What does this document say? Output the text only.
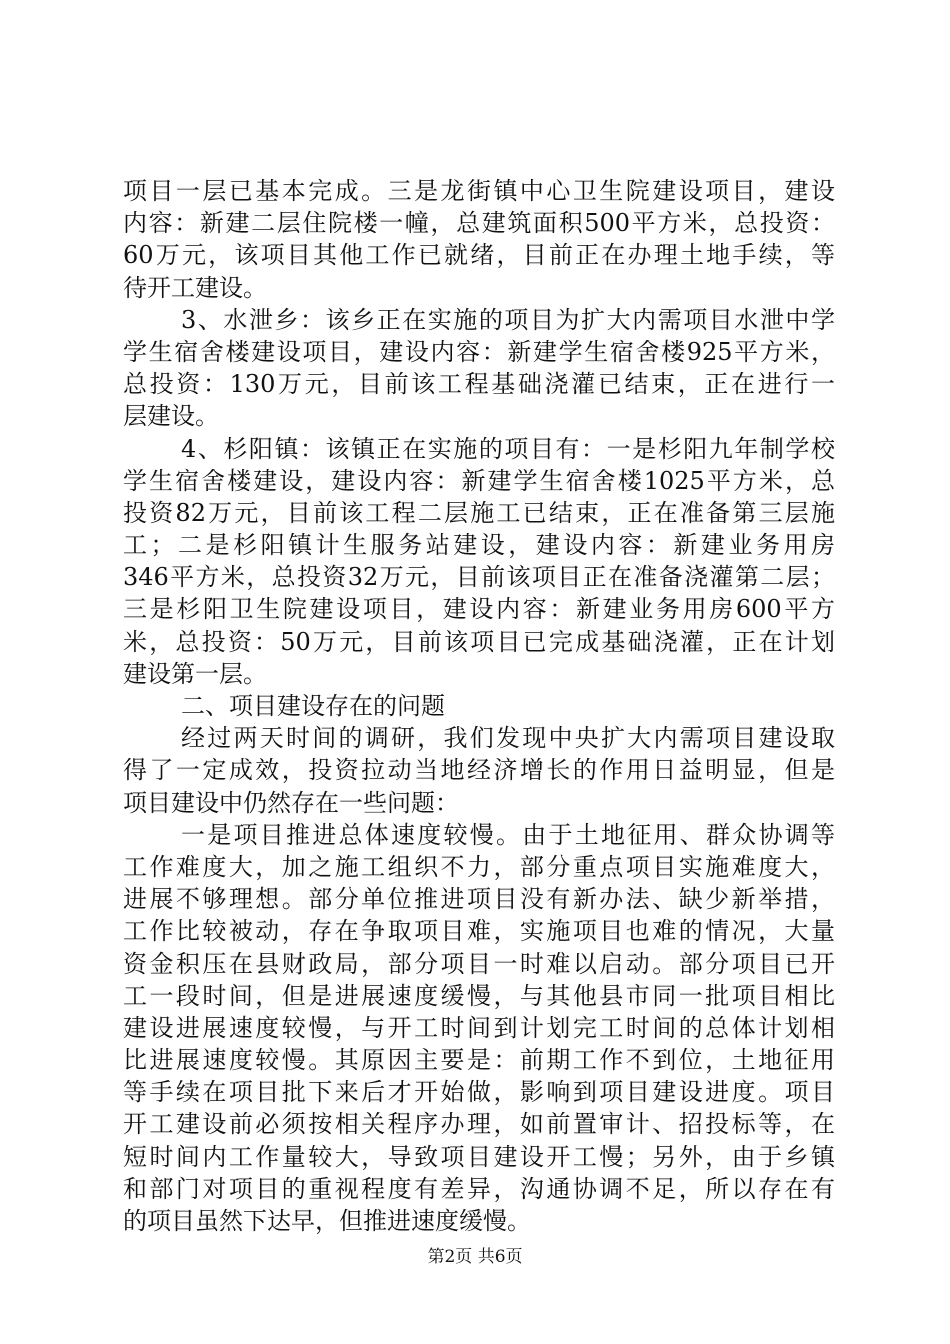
项目一层已基本完成。三是龙街镇中心卫生院建设项目，建设
内容：新建二层住院楼一幢，总建筑面积500平方米，总投资：
60万元，该项目其他工作已就绪，目前正在办理土地手续，等
待开工建设。
3、水泄乡：该乡正在实施的项目为扩大内需项目水泄中学
学生宿舍楼建设项目，建设内容：新建学生宿舍楼925平方米，
总投资：130万元，目前该工程基础浇灌已结束，正在进行一
层建设。
4、杉阳镇：该镇正在实施的项目有：一是杉阳九年制学校
学生宿舍楼建设，建设内容：新建学生宿舍楼1025平方米，总
投资82万元，目前该工程二层施工已结束，正在准备第三层施
工；二是杉阳镇计生服务站建设，建设内容：新建业务用房
346平方米，总投资32万元，目前该项目正在准备浇灌第二层；
三是杉阳卫生院建设项目，建设内容：新建业务用房600平方
米，总投资：50万元，目前该项目已完成基础浇灌，正在计划
建设第一层。
二、项目建设存在的问题
经过两天时间的调研，我们发现中央扩大内需项目建设取
得了一定成效，投资拉动当地经济增长的作用日益明显，但是
项目建设中仍然存在一些问题：
一是项目推进总体速度较慢。由于土地征用、群众协调等
工作难度大，加之施工组织不力，部分重点项目实施难度大，
进展不够理想。部分单位推进项目没有新办法、缺少新举措，
工作比较被动，存在争取项目难，实施项目也难的情况，大量
资金积压在县财政局，部分项目一时难以启动。部分项目已开
工一段时间，但是进展速度缓慢，与其他县市同一批项目相比
建设进展速度较慢，与开工时间到计划完工时间的总体计划相
比进展速度较慢。其原因主要是：前期工作不到位，土地征用
等手续在项目批下来后才开始做，影响到项目建设进度。项目
开工建设前必须按相关程序办理，如前置审计、招投标等，在
短时间内工作量较大，导致项目建设开工慢；另外，由于乡镇
和部门对项目的重视程度有差异，沟通协调不足，所以存在有
的项目虽然下达早，但推进速度缓慢。
第2页 共6页
